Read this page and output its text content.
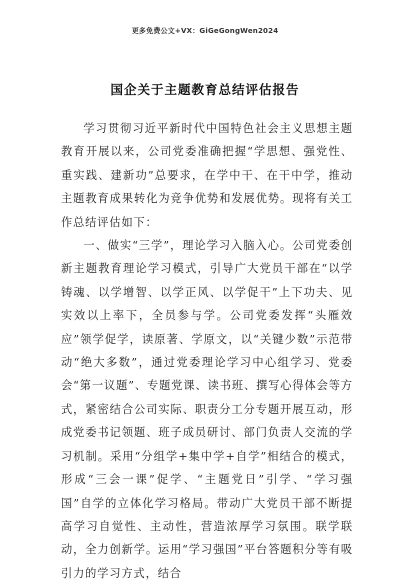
更多免费公文+VX：GiGeGongWen2024
国企关于主题教育总结评估报告

学习贯彻习近平新时代中国特色社会主义思想主题教育开展以来，公司党委准确把握“学思想、强党性、重实践、建新功”总要求，在学中干、在干中学，推动主题教育成果转化为竞争优势和发展优势。现将有关工作总结评估如下：

一、做实“三学”，理论学习入脑入心。公司党委创新主题教育理论学习模式，引导广大党员干部在“以学铸魂、以学增智、以学正风、以学促干”上下功夫、见实效以上率下，全员参与学。公司党委发挥“头雁效应”领学促学，读原著、学原文，以“关键少数”示范带动“绝大多数”，通过党委理论学习中心组学习、党委会“第一议题”、专题党课、读书班、撰写心得体会等方式，紧密结合公司实际、职责分工分专题开展互动，形成党委书记领题、班子成员研讨、部门负责人交流的学习机制。采用“分组学+集中学+自学”相结合的模式，形成“三会一课”促学、“主题党日”引学、“学习强国”自学的立体化学习格局。带动广大党员干部不断提高学习自觉性、主动性，营造浓厚学习氛围。联学联动，全力创新学。运用“学习强国”平台答题积分等有吸引力的学习方式，结合
